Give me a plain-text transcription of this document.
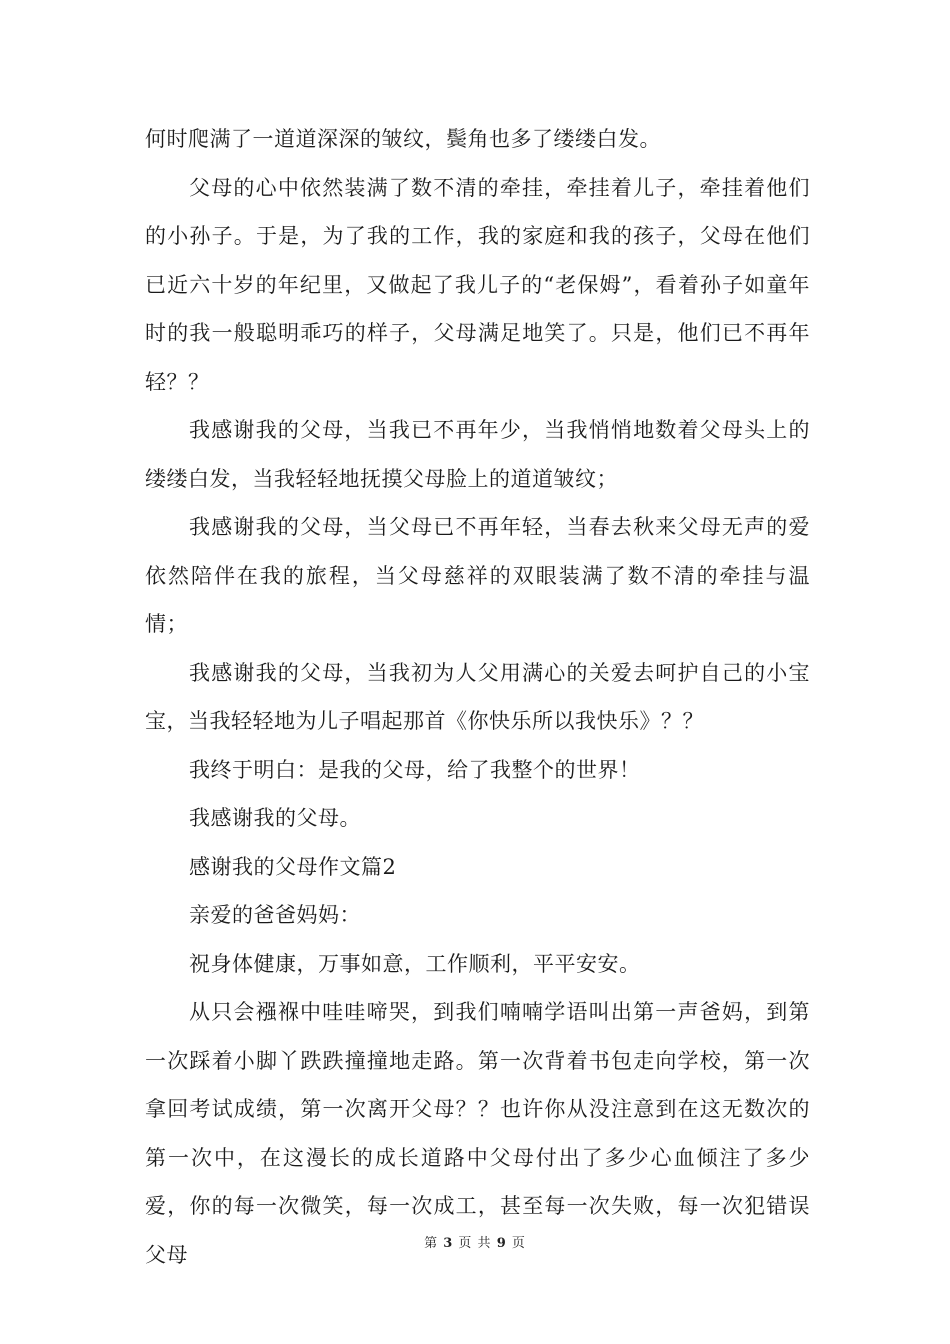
何时爬满了一道道深深的皱纹，鬓角也多了缕缕白发。

父母的心中依然装满了数不清的牵挂，牵挂着儿子，牵挂着他们的小孙子。于是，为了我的工作，我的家庭和我的孩子，父母在他们已近六十岁的年纪里，又做起了我儿子的“老保姆”，看着孙子如童年时的我一般聪明乖巧的样子，父母满足地笑了。只是，他们已不再年轻？？

我感谢我的父母，当我已不再年少，当我悄悄地数着父母头上的缕缕白发，当我轻轻地抚摸父母脸上的道道皱纹；

我感谢我的父母，当父母已不再年轻，当春去秋来父母无声的爱依然陪伴在我的旅程，当父母慈祥的双眼装满了数不清的牵挂与温情；

我感谢我的父母，当我初为人父用满心的关爱去呵护自己的小宝宝，当我轻轻地为儿子唱起那首《你快乐所以我快乐》？？

我终于明白：是我的父母，给了我整个的世界！

我感谢我的父母。

感谢我的父母作文篇2

亲爱的爸爸妈妈：

祝身体健康，万事如意，工作顺利，平平安安。

从只会襁褓中哇哇啼哭，到我们喃喃学语叫出第一声爸妈，到第一次踩着小脚丫跌跌撞撞地走路。第一次背着书包走向学校，第一次拿回考试成绩，第一次离开父母？？也许你从没注意到在这无数次的第一次中，在这漫长的成长道路中父母付出了多少心血倾注了多少爱，你的每一次微笑，每一次成工，甚至每一次失败，每一次犯错误父母	第 3 页 共 9 页
